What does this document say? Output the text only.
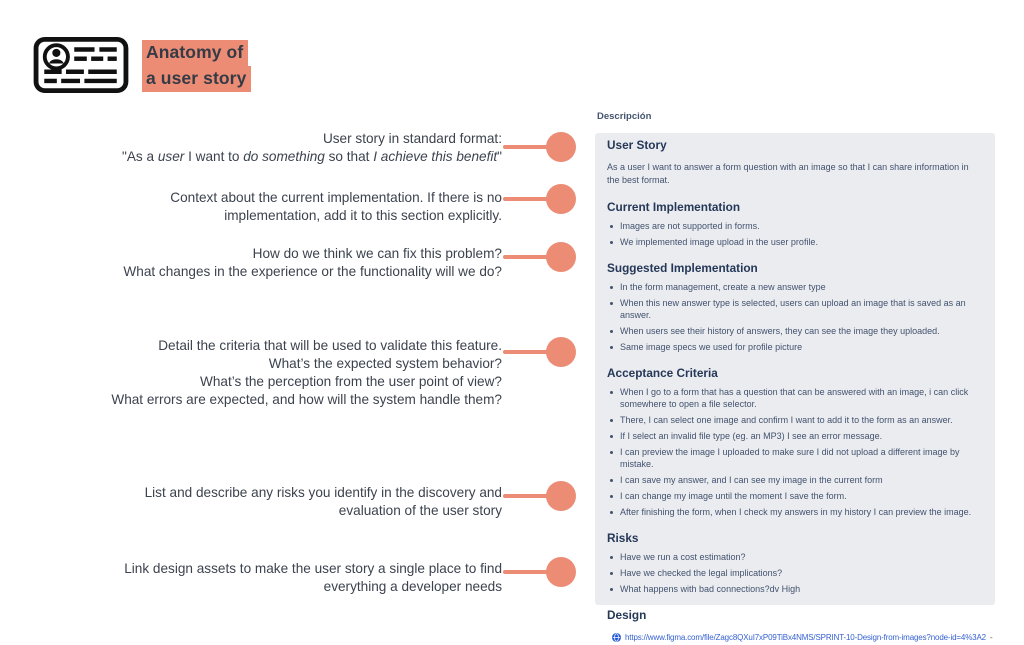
Anatomy of
a user story
User story in standard format:
"As a user I want to do something so that I achieve this benefit"
Context about the current implementation. If there is no
implementation, add it to this section explicitly.
How do we think we can fix this problem?
What changes in the experience or the functionality will we do?
Detail the criteria that will be used to validate this feature.
What’s the expected system behavior?
What’s the perception from the user point of view?
What errors are expected, and how will the system handle them?
List and describe any risks you identify in the discovery and
evaluation of the user story
Link design assets to make the user story a single place to find
everything a developer needs
Descripción
User Story
As a user I want to answer a form question with an image so that I can share information in the best format.
Current Implementation
Images are not supported in forms.
We implemented image upload in the user profile.
Suggested Implementation
In the form management, create a new answer type
When this new answer type is selected, users can upload an image that is saved as an answer.
When users see their history of answers, they can see the image they uploaded.
Same image specs we used for profile picture
Acceptance Criteria
When I go to a form that has a question that can be answered with an image, i can click somewhere to open a file selector.
There, I can select one image and confirm I want to add it to the form as an answer.
If I select an invalid file type (eg. an MP3) I see an error message.
I can preview the image I uploaded to make sure I did not upload a different image by mistake.
I can save my answer, and I can see my image in the current form
I can change my image until the moment I save the form.
After finishing the form, when I check my answers in my history I can preview the image.
Risks
Have we run a cost estimation?
Have we checked the legal implications?
What happens with bad connections?dv High
Design
https://www.figma.com/file/Zagc8QXuI7xP09TiBx4NMS/SPRINT-10-Design-from-images?node-id=4%3A2 -
